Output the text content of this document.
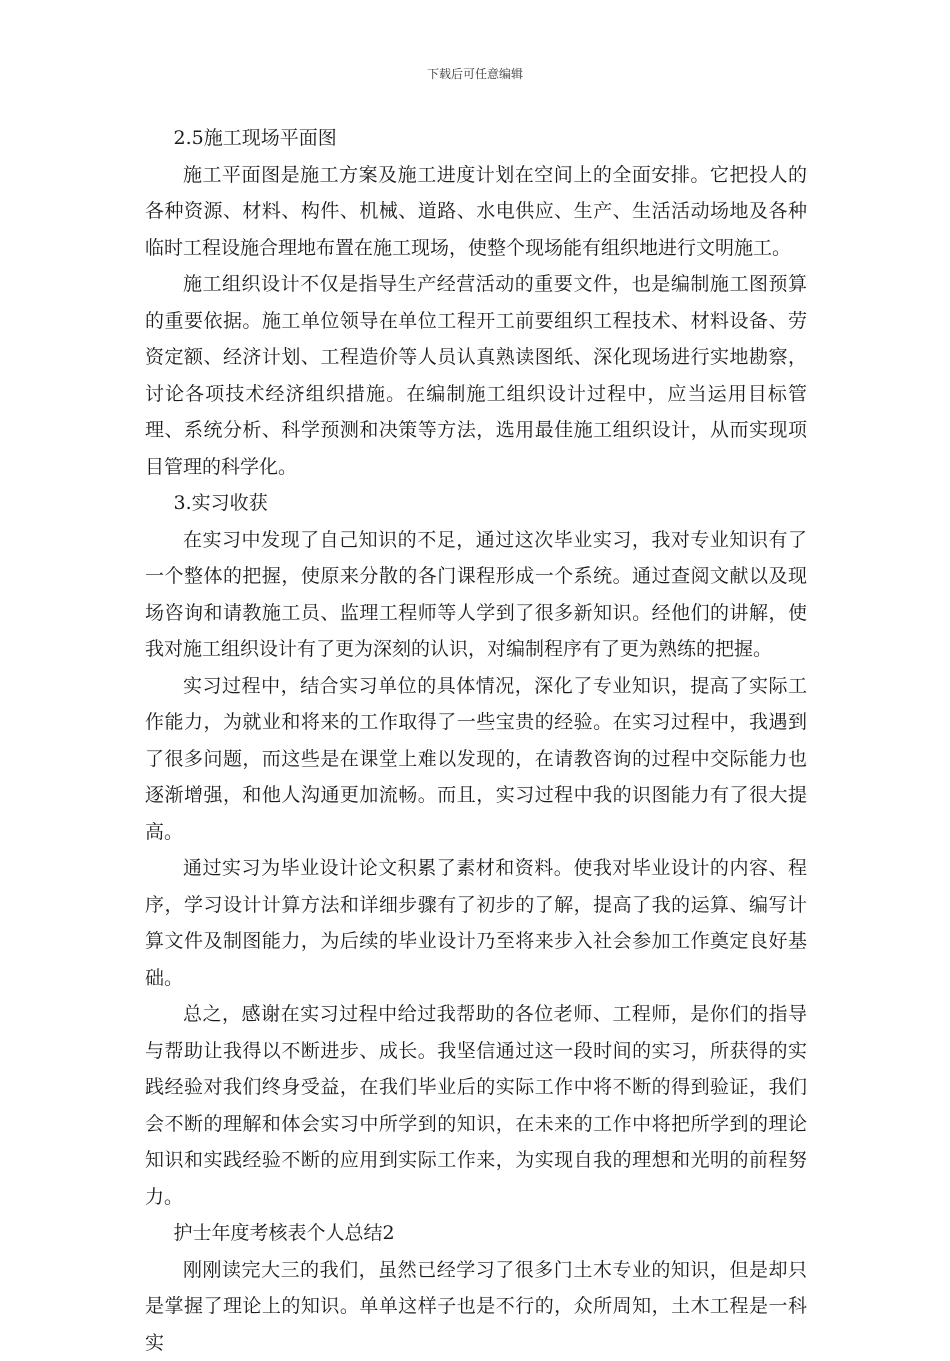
下载后可任意编辑

2.5施工现场平面图

施工平面图是施工方案及施工进度计划在空间上的全面安排。它把投人的各种资源、材料、构件、机械、道路、水电供应、生产、生活活动场地及各种临时工程设施合理地布置在施工现场，使整个现场能有组织地进行文明施工。

施工组织设计不仅是指导生产经营活动的重要文件，也是编制施工图预算的重要依据。施工单位领导在单位工程开工前要组织工程技术、材料设备、劳资定额、经济计划、工程造价等人员认真熟读图纸、深化现场进行实地勘察，讨论各项技术经济组织措施。在编制施工组织设计过程中，应当运用目标管理、系统分析、科学预测和决策等方法，选用最佳施工组织设计，从而实现项目管理的科学化。

3.实习收获

在实习中发现了自己知识的不足，通过这次毕业实习，我对专业知识有了一个整体的把握，使原来分散的各门课程形成一个系统。通过查阅文献以及现场咨询和请教施工员、监理工程师等人学到了很多新知识。经他们的讲解，使我对施工组织设计有了更为深刻的认识，对编制程序有了更为熟练的把握。

实习过程中，结合实习单位的具体情况，深化了专业知识，提高了实际工作能力，为就业和将来的工作取得了一些宝贵的经验。在实习过程中，我遇到了很多问题，而这些是在课堂上难以发现的，在请教咨询的过程中交际能力也逐渐增强，和他人沟通更加流畅。而且，实习过程中我的识图能力有了很大提高。

通过实习为毕业设计论文积累了素材和资料。使我对毕业设计的内容、程序，学习设计计算方法和详细步骤有了初步的了解，提高了我的运算、编写计算文件及制图能力，为后续的毕业设计乃至将来步入社会参加工作奠定良好基础。

总之，感谢在实习过程中给过我帮助的各位老师、工程师，是你们的指导与帮助让我得以不断进步、成长。我坚信通过这一段时间的实习，所获得的实践经验对我们终身受益，在我们毕业后的实际工作中将不断的得到验证，我们会不断的理解和体会实习中所学到的知识，在未来的工作中将把所学到的理论知识和实践经验不断的应用到实际工作来，为实现自我的理想和光明的前程努力。

护士年度考核表个人总结2

刚刚读完大三的我们，虽然已经学习了很多门土木专业的知识，但是却只是掌握了理论上的知识。单单这样子也是不行的，众所周知，土木工程是一科实
